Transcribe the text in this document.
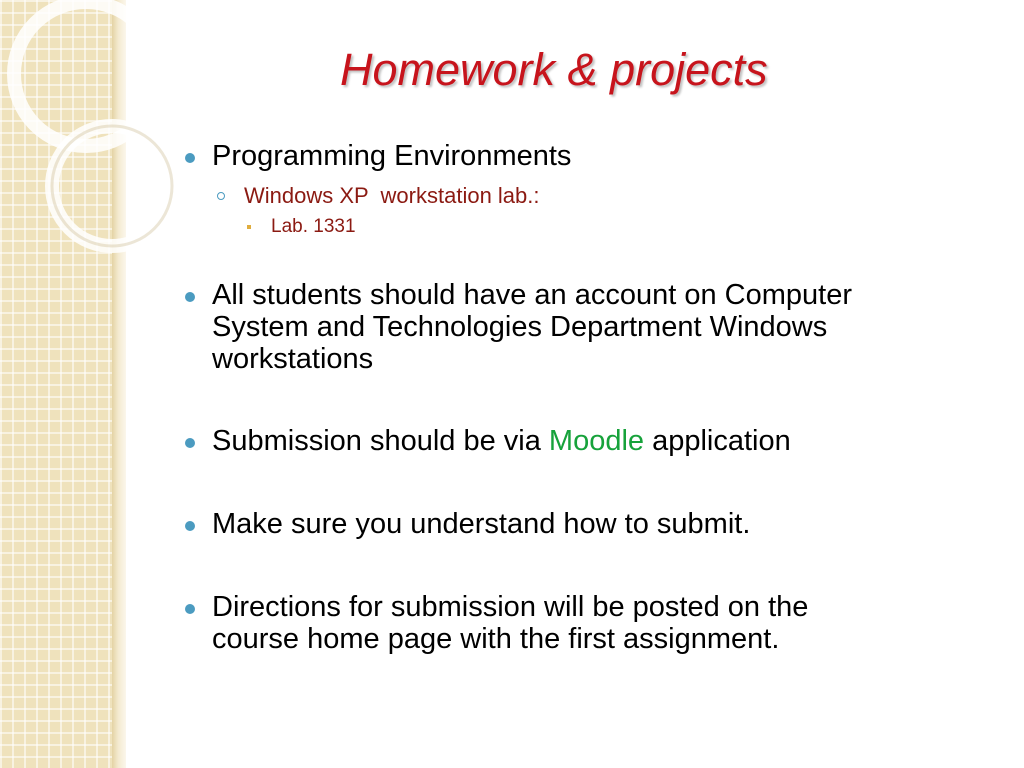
Homework & projects

Programming Environments

Windows XP  workstation lab.:

Lab. 1331

All students should have an account on Computer
System and Technologies Department Windows
workstations

Submission should be via Moodle application

Make sure you understand how to submit.

Directions for submission will be posted on the
course home page with the first assignment.
